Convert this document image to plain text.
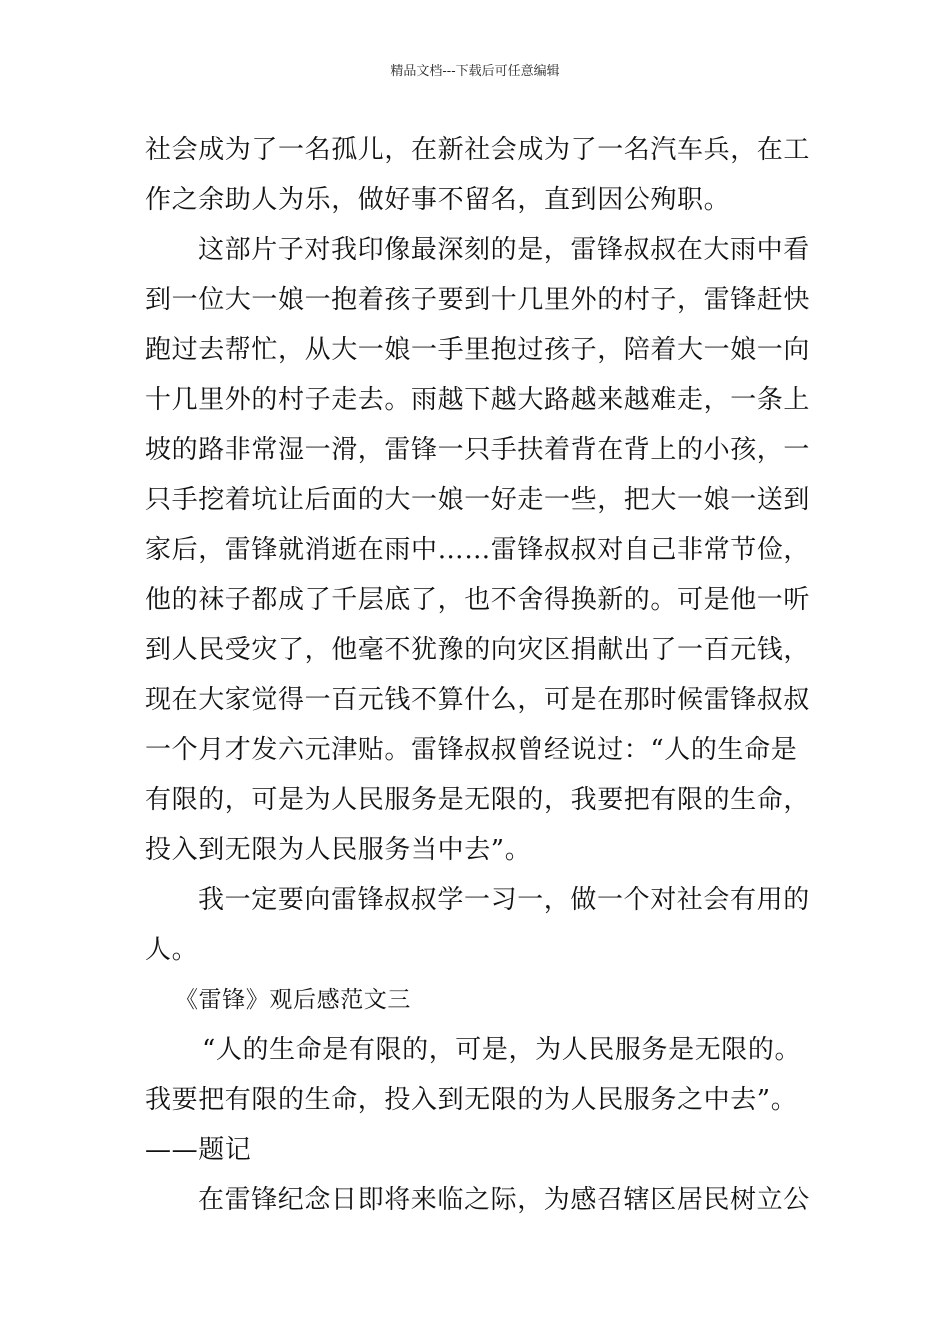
精品文档---下载后可任意编辑
社会成为了一名孤儿，在新社会成为了一名汽车兵，在工
作之余助人为乐，做好事不留名，直到因公殉职。
这部片子对我印像最深刻的是，雷锋叔叔在大雨中看
到一位大一娘一抱着孩子要到十几里外的村子，雷锋赶快
跑过去帮忙，从大一娘一手里抱过孩子，陪着大一娘一向
十几里外的村子走去。雨越下越大路越来越难走，一条上
坡的路非常湿一滑，雷锋一只手扶着背在背上的小孩，一
只手挖着坑让后面的大一娘一好走一些，把大一娘一送到
家后，雷锋就消逝在雨中……雷锋叔叔对自己非常节俭，
他的袜子都成了千层底了，也不舍得换新的。可是他一听
到人民受灾了，他毫不犹豫的向灾区捐献出了一百元钱，
现在大家觉得一百元钱不算什么，可是在那时候雷锋叔叔
一个月才发六元津贴。雷锋叔叔曾经说过：“人的生命是
有限的，可是为人民服务是无限的，我要把有限的生命，
投入到无限为人民服务当中去”。
我一定要向雷锋叔叔学一习一，做一个对社会有用的
人。
《雷锋》观后感范文三
“人的生命是有限的，可是，为人民服务是无限的。
我要把有限的生命，投入到无限的为人民服务之中去”。
——题记
在雷锋纪念日即将来临之际，为感召辖区居民树立公
